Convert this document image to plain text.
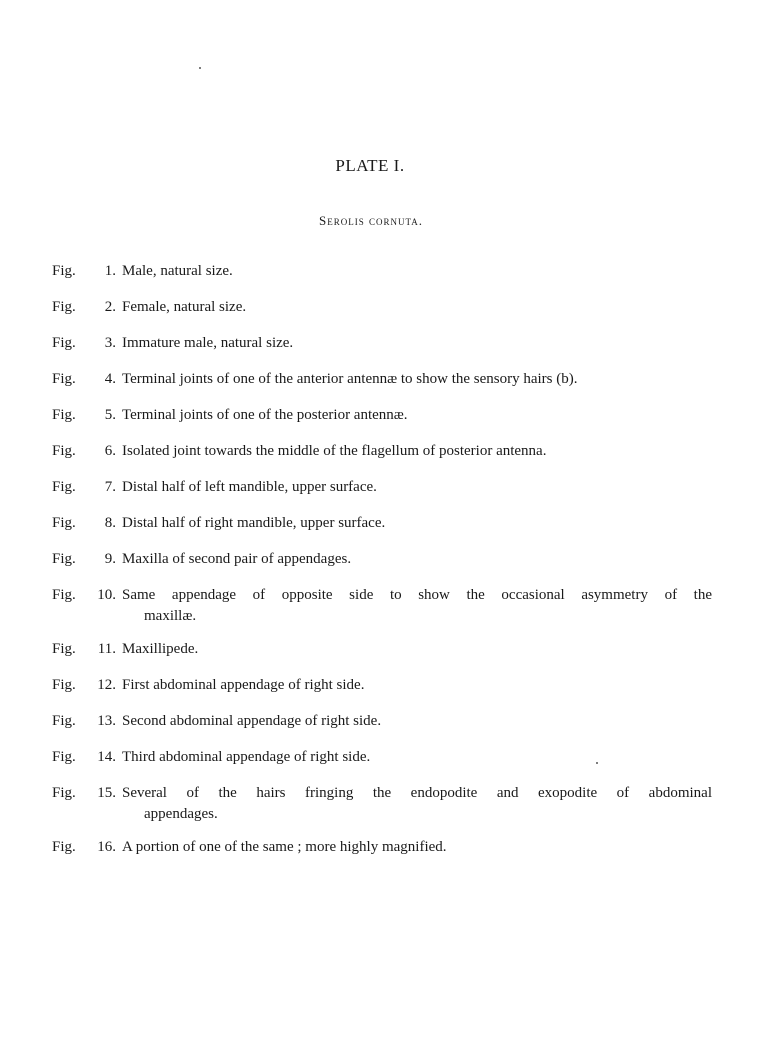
PLATE I.
Serolis cornuta.
Fig.	1. Male, natural size.
Fig.	2. Female, natural size.
Fig.	3. Immature male, natural size.
Fig.	4. Terminal joints of one of the anterior antennæ to show the sensory hairs (b).
Fig.	5. Terminal joints of one of the posterior antennæ.
Fig.	6. Isolated joint towards the middle of the flagellum of posterior antenna.
Fig.	7. Distal half of left mandible, upper surface.
Fig.	8. Distal half of right mandible, upper surface.
Fig.	9. Maxilla of second pair of appendages.
Fig.	10. Same appendage of opposite side to show the occasional asymmetry of the
maxillæ.
Fig.	11. Maxillipede.
Fig.	12. First abdominal appendage of right side.
Fig.	13. Second abdominal appendage of right side.
Fig.	14. Third abdominal appendage of right side.
Fig.	15. Several of the hairs fringing the endopodite and exopodite of abdominal
appendages.
Fig.	16. A portion of one of the same ; more highly magnified.
